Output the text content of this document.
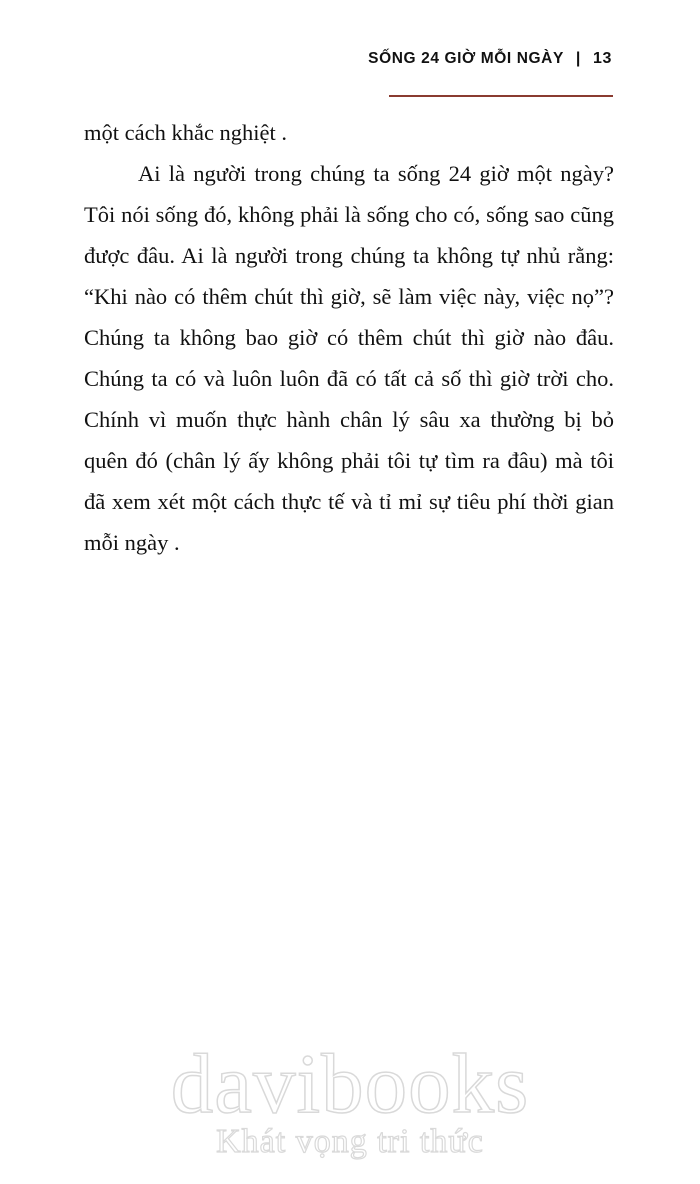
SỐNG 24 GIỜ MỖI NGÀY | 13

một cách khắc nghiệt .

Ai là người trong chúng ta sống 24 giờ một ngày? Tôi nói sống đó, không phải là sống cho có, sống sao cũng được đâu. Ai là người trong chúng ta không tự nhủ rằng: “Khi nào có thêm chút thì giờ, sẽ làm việc này, việc nọ”? Chúng ta không bao giờ có thêm chút thì giờ nào đâu. Chúng ta có và luôn luôn đã có tất cả số thì giờ trời cho. Chính vì muốn thực hành chân lý sâu xa thường bị bỏ quên đó (chân lý ấy không phải tôi tự tìm ra đâu) mà tôi đã xem xét một cách thực tế và tỉ mỉ sự tiêu phí thời gian mỗi ngày .

davibooks
Khát vọng tri thức
